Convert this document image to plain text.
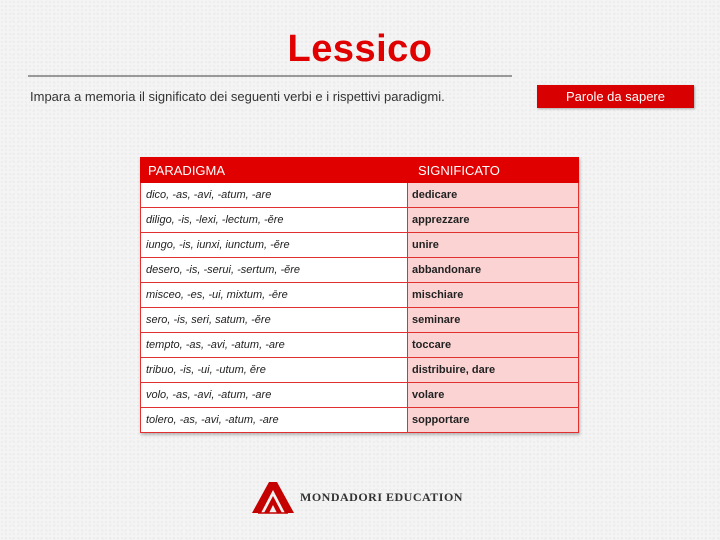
Lessico
Impara a memoria il significato dei seguenti verbi e i rispettivi paradigmi.	Parole da sapere
PARADIGMA	SIGNIFICATO
dico, -as, -avi, -atum, -are	dedicare
diligo, -is, -lexi, -lectum, -ĕre	apprezzare
iungo, -is, iunxi, iunctum, -ĕre	unire
desero, -is, -serui, -sertum, -ĕre	abbandonare
misceo, -es, -ui, mixtum, -ēre	mischiare
sero, -is, seri, satum, -ĕre	seminare
tempto, -as, -avi, -atum, -are	toccare
tribuo, -is, -ui, -utum, ĕre	distribuire, dare
volo, -as, -avi, -atum, -are	volare
tolero, -as, -avi, -atum, -are	sopportare
MONDADORI EDUCATION
